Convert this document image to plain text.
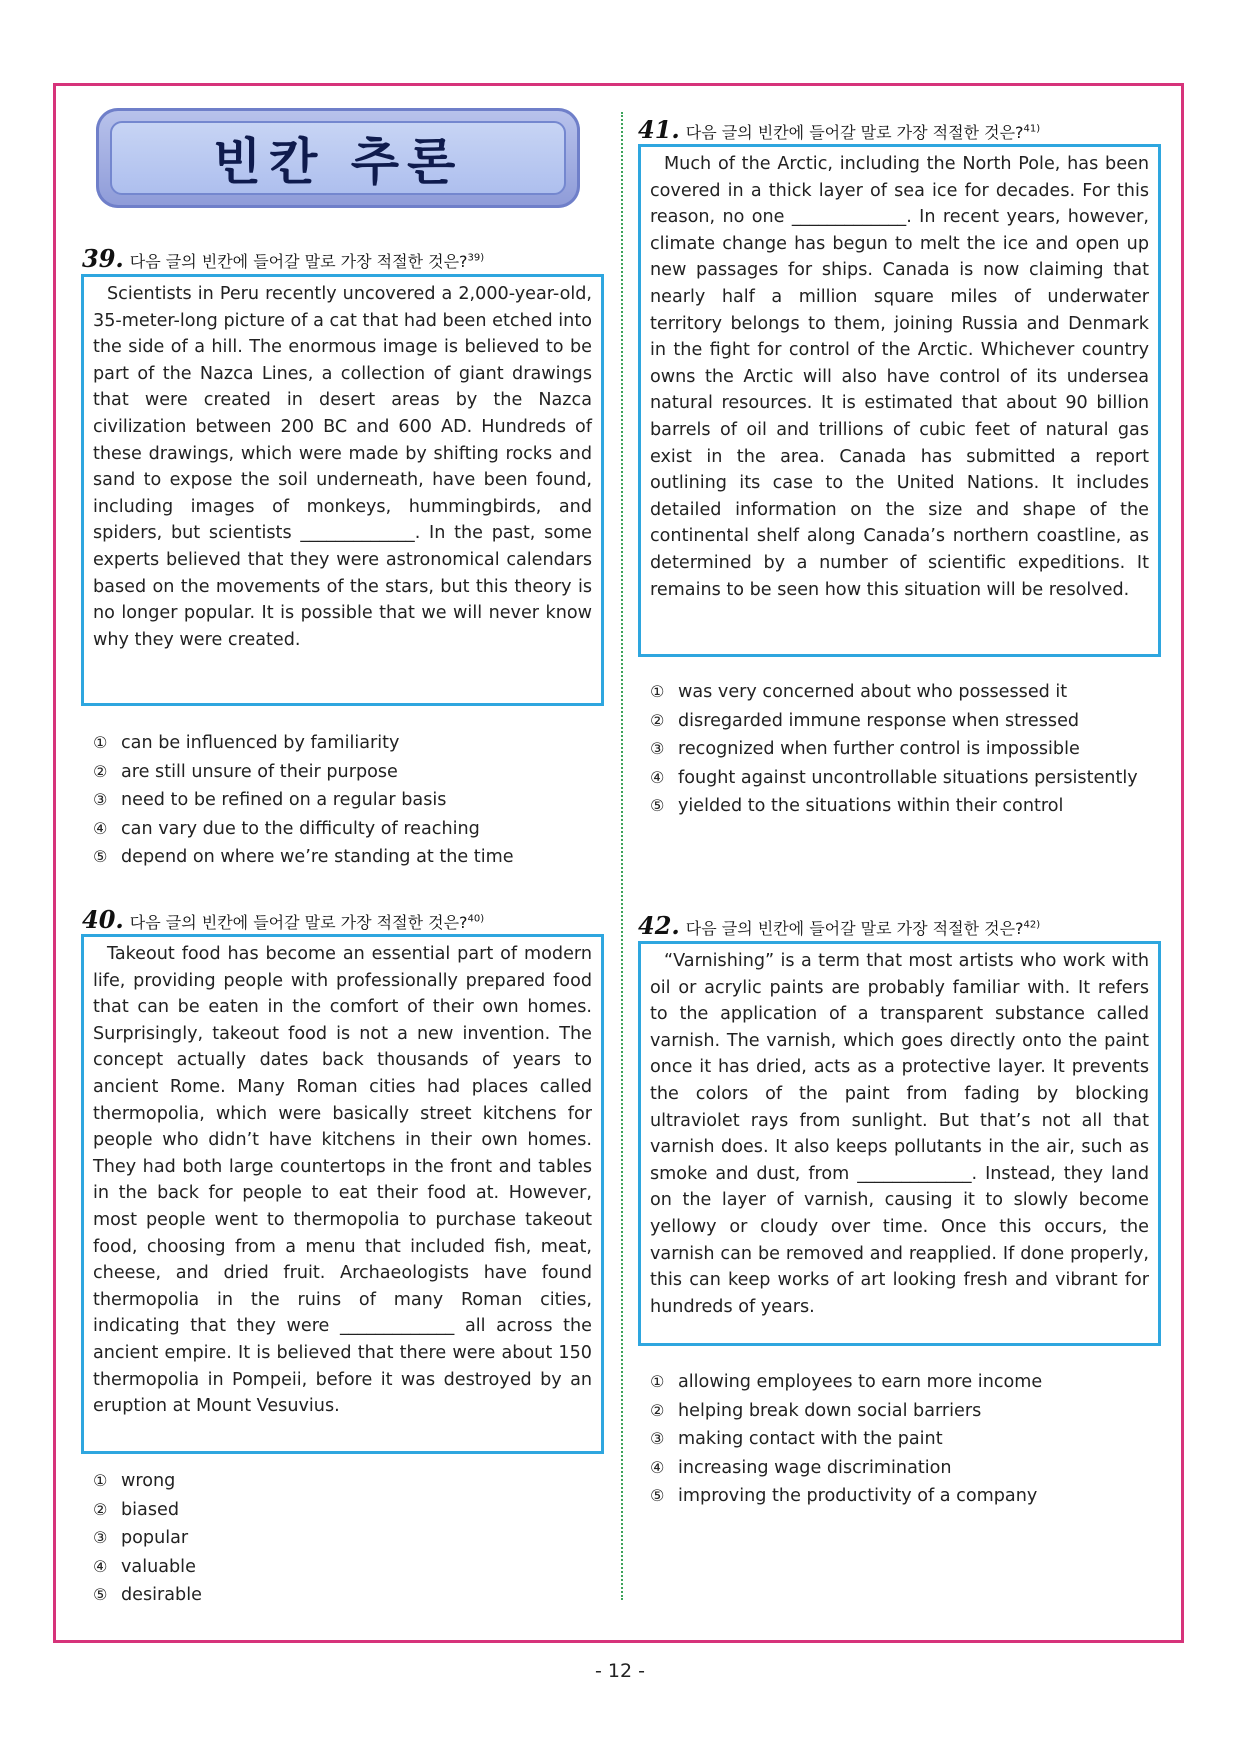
빈칸 추론
39. 다음 글의 빈칸에 들어갈 말로 가장 적절한 것은?$^{39)}$

Scientists in Peru recently uncovered a 2,000-year-old, 35-meter-long picture of a cat that had been etched into the side of a hill. The enormous image is believed to be part of the Nazca Lines, a collection of giant drawings that were created in desert areas by the Nazca civilization between 200 BC and 600 AD. Hundreds of these drawings, which were made by shifting rocks and sand to expose the soil underneath, have been found, including images of monkeys, hummingbirds, and spiders, but scientists _____________. In the past, some experts believed that they were astronomical calendars based on the movements of the stars, but this theory is no longer popular. It is possible that we will never know why they were created.

① can be influenced by familiarity
② are still unsure of their purpose
③ need to be refined on a regular basis
④ can vary due to the difficulty of reaching
⑤ depend on where we’re standing at the time
40. 다음 글의 빈칸에 들어갈 말로 가장 적절한 것은?$^{40)}$

Takeout food has become an essential part of modern life, providing people with professionally prepared food that can be eaten in the comfort of their own homes. Surprisingly, takeout food is not a new invention. The concept actually dates back thousands of years to ancient Rome. Many Roman cities had places called thermopolia, which were basically street kitchens for people who didn’t have kitchens in their own homes. They had both large countertops in the front and tables in the back for people to eat their food at. However, most people went to thermopolia to purchase takeout food, choosing from a menu that included fish, meat, cheese, and dried fruit. Archaeologists have found thermopolia in the ruins of many Roman cities, indicating that they were _____________ all across the ancient empire. It is believed that there were about 150 thermopolia in Pompeii, before it was destroyed by an eruption at Mount Vesuvius.

① wrong
② biased
③ popular
④ valuable
⑤ desirable
41. 다음 글의 빈칸에 들어갈 말로 가장 적절한 것은?$^{41)}$

Much of the Arctic, including the North Pole, has been covered in a thick layer of sea ice for decades. For this reason, no one _____________. In recent years, however, climate change has begun to melt the ice and open up new passages for ships. Canada is now claiming that nearly half a million square miles of underwater territory belongs to them, joining Russia and Denmark in the fight for control of the Arctic. Whichever country owns the Arctic will also have control of its undersea natural resources. It is estimated that about 90 billion barrels of oil and trillions of cubic feet of natural gas exist in the area. Canada has submitted a report outlining its case to the United Nations. It includes detailed information on the size and shape of the continental shelf along Canada’s northern coastline, as determined by a number of scientific expeditions. It remains to be seen how this situation will be resolved.

① was very concerned about who possessed it
② disregarded immune response when stressed
③ recognized when further control is impossible
④ fought against uncontrollable situations persistently
⑤ yielded to the situations within their control
42. 다음 글의 빈칸에 들어갈 말로 가장 적절한 것은?$^{42)}$

“Varnishing” is a term that most artists who work with oil or acrylic paints are probably familiar with. It refers to the application of a transparent substance called varnish. The varnish, which goes directly onto the paint once it has dried, acts as a protective layer. It prevents the colors of the paint from fading by blocking ultraviolet rays from sunlight. But that’s not all that varnish does. It also keeps pollutants in the air, such as smoke and dust, from _____________. Instead, they land on the layer of varnish, causing it to slowly become yellowy or cloudy over time. Once this occurs, the varnish can be removed and reapplied. If done properly, this can keep works of art looking fresh and vibrant for hundreds of years.

① allowing employees to earn more income
② helping break down social barriers
③ making contact with the paint
④ increasing wage discrimination
⑤ improving the productivity of a company
- 12 -
